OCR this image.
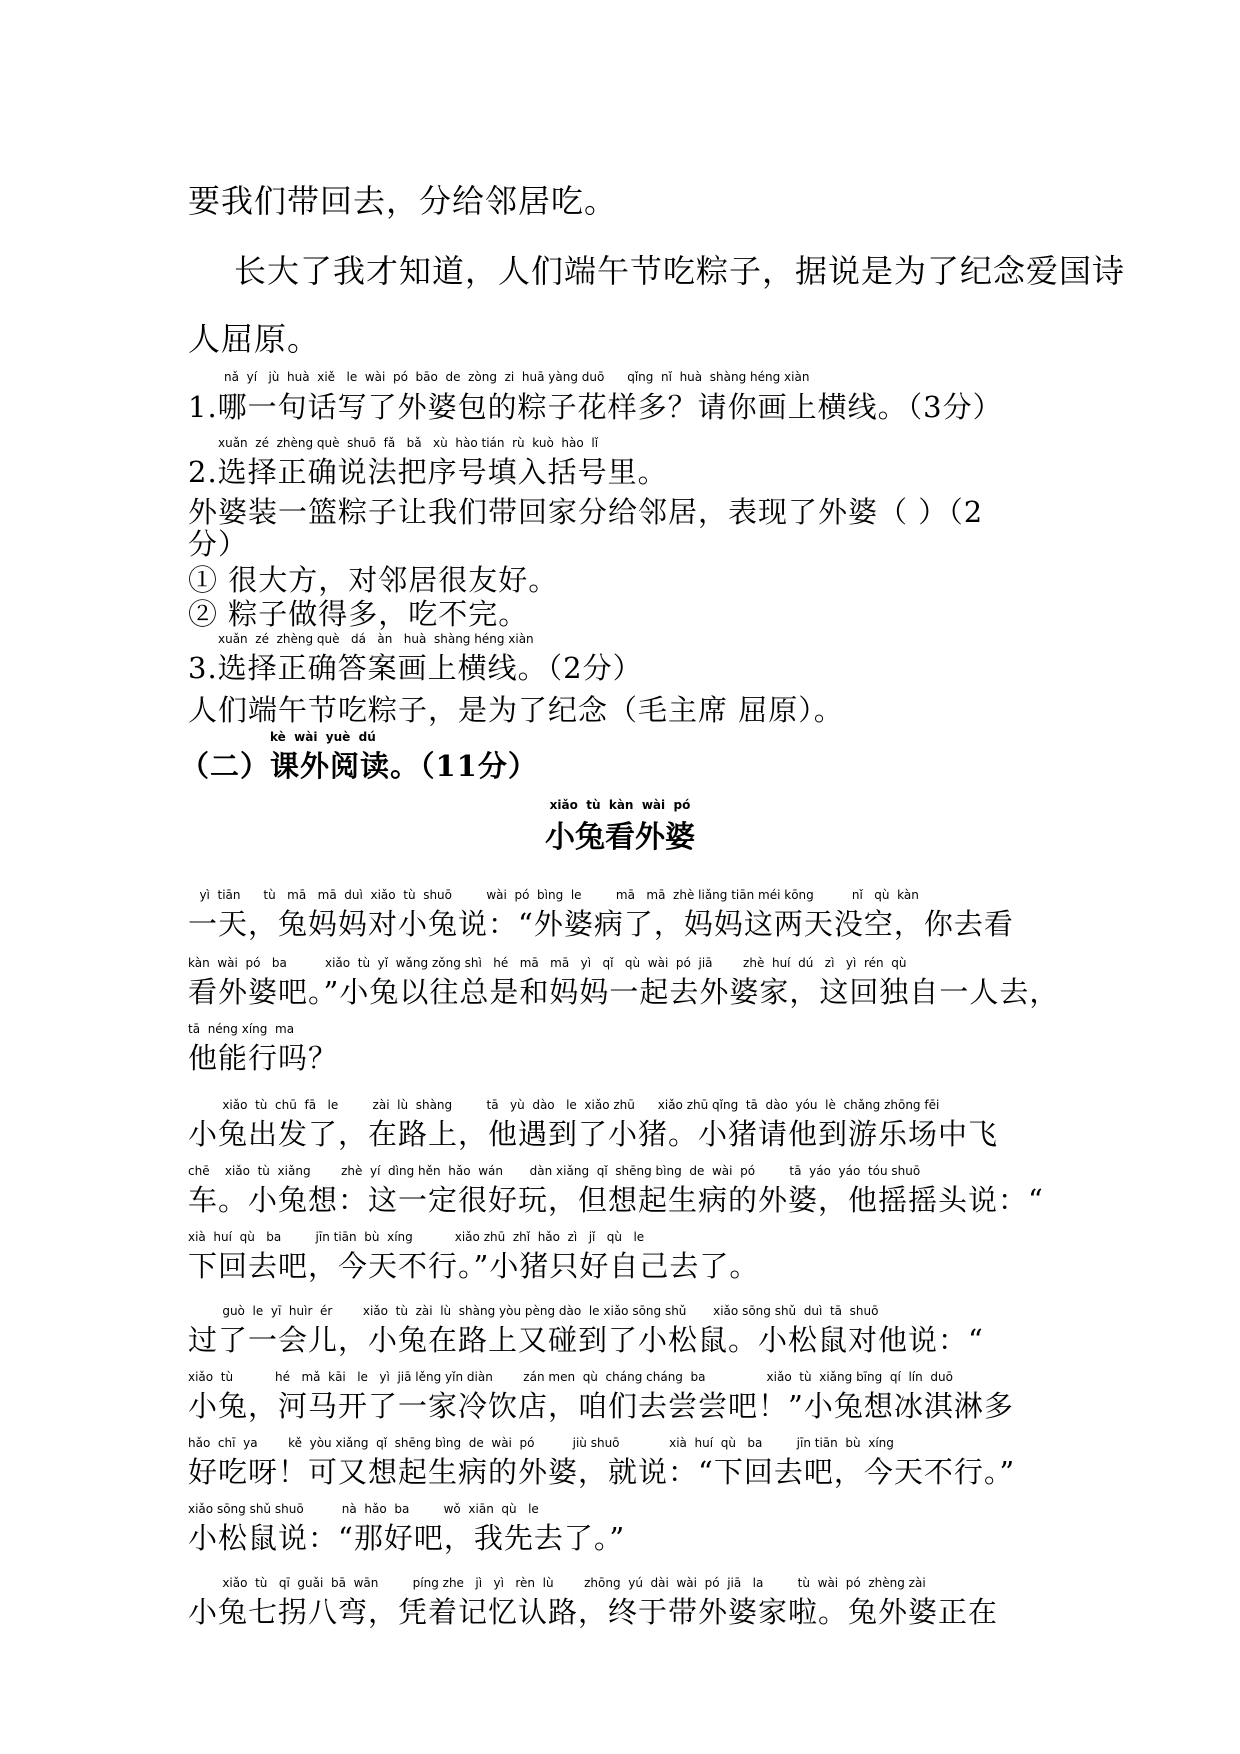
要我们带回去，分给邻居吃。
长大了我才知道，人们端午节吃粽子，据说是为了纪念爱国诗
人屈原。
nǎ  yí   jù  huà  xiě   le  wài  pó  bāo  de  zòng  zi  huā yàng duō      qǐng  nǐ  huà  shàng héng xiàn
1.哪一句话写了外婆包的粽子花样多？请你画上横线。（3分）
xuǎn  zé  zhèng què  shuō  fǎ   bǎ   xù  hào tián  rù  kuò  hào  lǐ
2.选择正确说法把序号填入括号里。
外婆装一篮粽子让我们带回家分给邻居，表现了外婆（ ）（2
分）
① 很大方，对邻居很友好。
② 粽子做得多，吃不完。
xuǎn  zé  zhèng què   dá   àn   huà  shàng héng xiàn
3.选择正确答案画上横线。（2分）
人们端午节吃粽子，是为了纪念（毛主席 屈原）。
kè  wài  yuè  dú
（二）课外阅读。（11分）
xiǎo  tù  kàn  wài  pó
小兔看外婆
yì  tiān      tù   mā   mā  duì  xiǎo  tù  shuō         wài  pó  bìng  le         mā   mā  zhè liǎng tiān méi kōng          nǐ   qù  kàn
一天，兔妈妈对小兔说：“外婆病了，妈妈这两天没空，你去看
kàn  wài  pó   ba          xiǎo  tù  yǐ  wǎng zǒng shì   hé   mā   mā   yì   qǐ   qù  wài  pó  jiā        zhè  huí  dú   zì   yì  rén  qù
看外婆吧。”小兔以往总是和妈妈一起去外婆家，这回独自一人去，
tā  néng xíng  ma
他能行吗？
xiǎo  tù  chū  fā   le         zài  lù  shàng         tā   yù  dào   le  xiǎo zhū      xiǎo zhū qǐng  tā  dào  yóu  lè  chǎng zhōng fēi
小兔出发了，在路上，他遇到了小猪。小猪请他到游乐场中飞
chē    xiǎo  tù  xiǎng        zhè  yí  dìng hěn  hǎo  wán       dàn xiǎng  qǐ  shēng bìng  de  wài  pó         tā  yáo  yáo  tóu shuō
车。小兔想：这一定很好玩，但想起生病的外婆，他摇摇头说：“
xià  huí  qù   ba         jīn tiān  bù  xíng           xiǎo zhū  zhǐ  hǎo  zì   jǐ   qù   le
下回去吧，今天不行。”小猪只好自己去了。
guò  le  yī  huìr  ér        xiǎo  tù  zài  lù  shàng yòu pèng dào  le xiǎo sōng shǔ       xiǎo sōng shǔ  duì  tā  shuō
过了一会儿，小兔在路上又碰到了小松鼠。小松鼠对他说：“
xiǎo  tù           hé   mǎ  kāi   le   yì  jiā lěng yǐn diàn        zán men  qù  cháng cháng  ba                xiǎo  tù  xiǎng bīng  qí  lín  duō
小兔，河马开了一家冷饮店，咱们去尝尝吧！”小兔想冰淇淋多
hǎo  chī  ya        kě  yòu xiǎng  qǐ  shēng bìng  de  wài  pó          jiù shuō             xià  huí  qù   ba         jīn tiān  bù  xíng
好吃呀！可又想起生病的外婆，就说：“下回去吧，今天不行。”
xiǎo sōng shǔ shuō          nà  hǎo  ba         wǒ  xiān  qù   le
小松鼠说：“那好吧，我先去了。”
xiǎo  tù   qī  guǎi  bā  wān         píng zhe   jì   yì   rèn  lù        zhōng  yú  dài  wài  pó  jiā   la         tù  wài  pó  zhèng zài
小兔七拐八弯，凭着记忆认路，终于带外婆家啦。兔外婆正在
